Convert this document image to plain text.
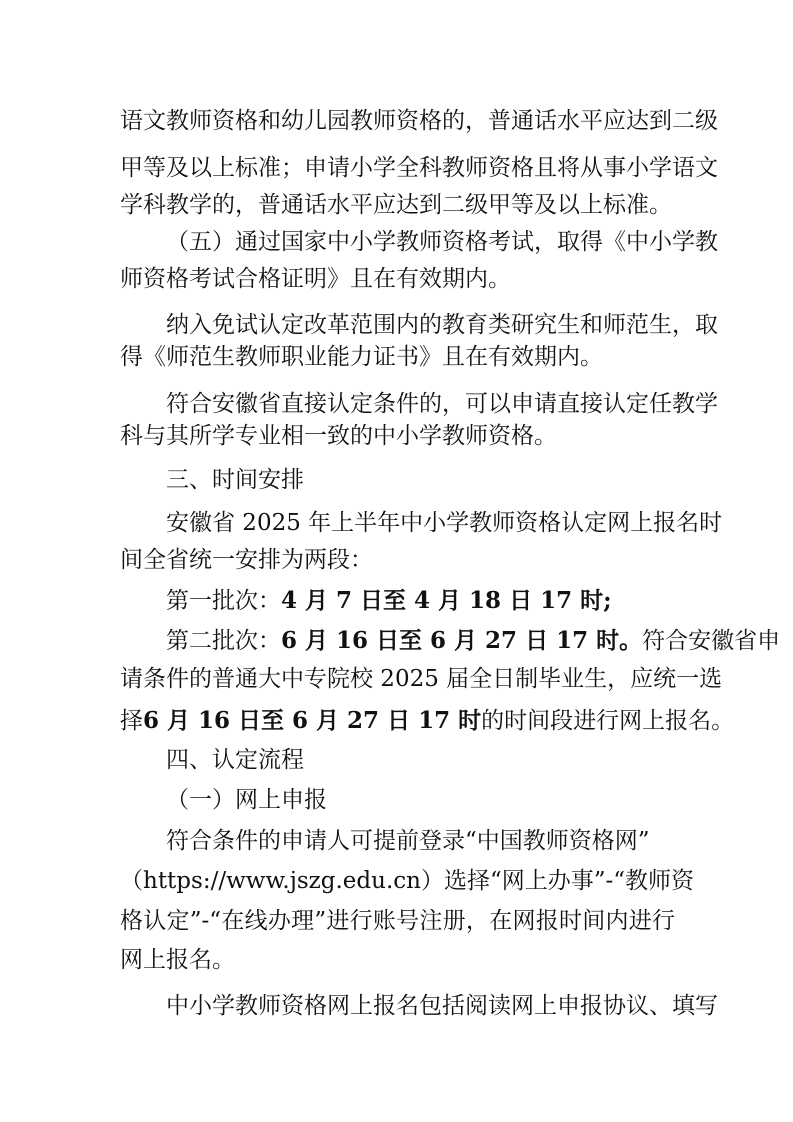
语文教师资格和幼儿园教师资格的，普通话水平应达到二级
甲等及以上标准；申请小学全科教师资格且将从事小学语文
学科教学的，普通话水平应达到二级甲等及以上标准。
（五）通过国家中小学教师资格考试，取得《中小学教
师资格考试合格证明》且在有效期内。
纳入免试认定改革范围内的教育类研究生和师范生，取
得《师范生教师职业能力证书》且在有效期内。
符合安徽省直接认定条件的，可以申请直接认定任教学
科与其所学专业相一致的中小学教师资格。
三、时间安排
安徽省 2025 年上半年中小学教师资格认定网上报名时
间全省统一安排为两段：
第一批次：4 月 7 日至 4 月 18 日 17 时;
第二批次：6 月 16 日至 6 月 27 日 17 时。符合安徽省申
请条件的普通大中专院校 2025 届全日制毕业生，应统一选
择6 月 16 日至 6 月 27 日 17 时的时间段进行网上报名。
四、认定流程
（一）网上申报
符合条件的申请人可提前登录“中国教师资格网”
（https://www.jszg.edu.cn）选择“网上办事”-“教师资
格认定”-“在线办理”进行账号注册，在网报时间内进行
网上报名。
中小学教师资格网上报名包括阅读网上申报协议、填写
